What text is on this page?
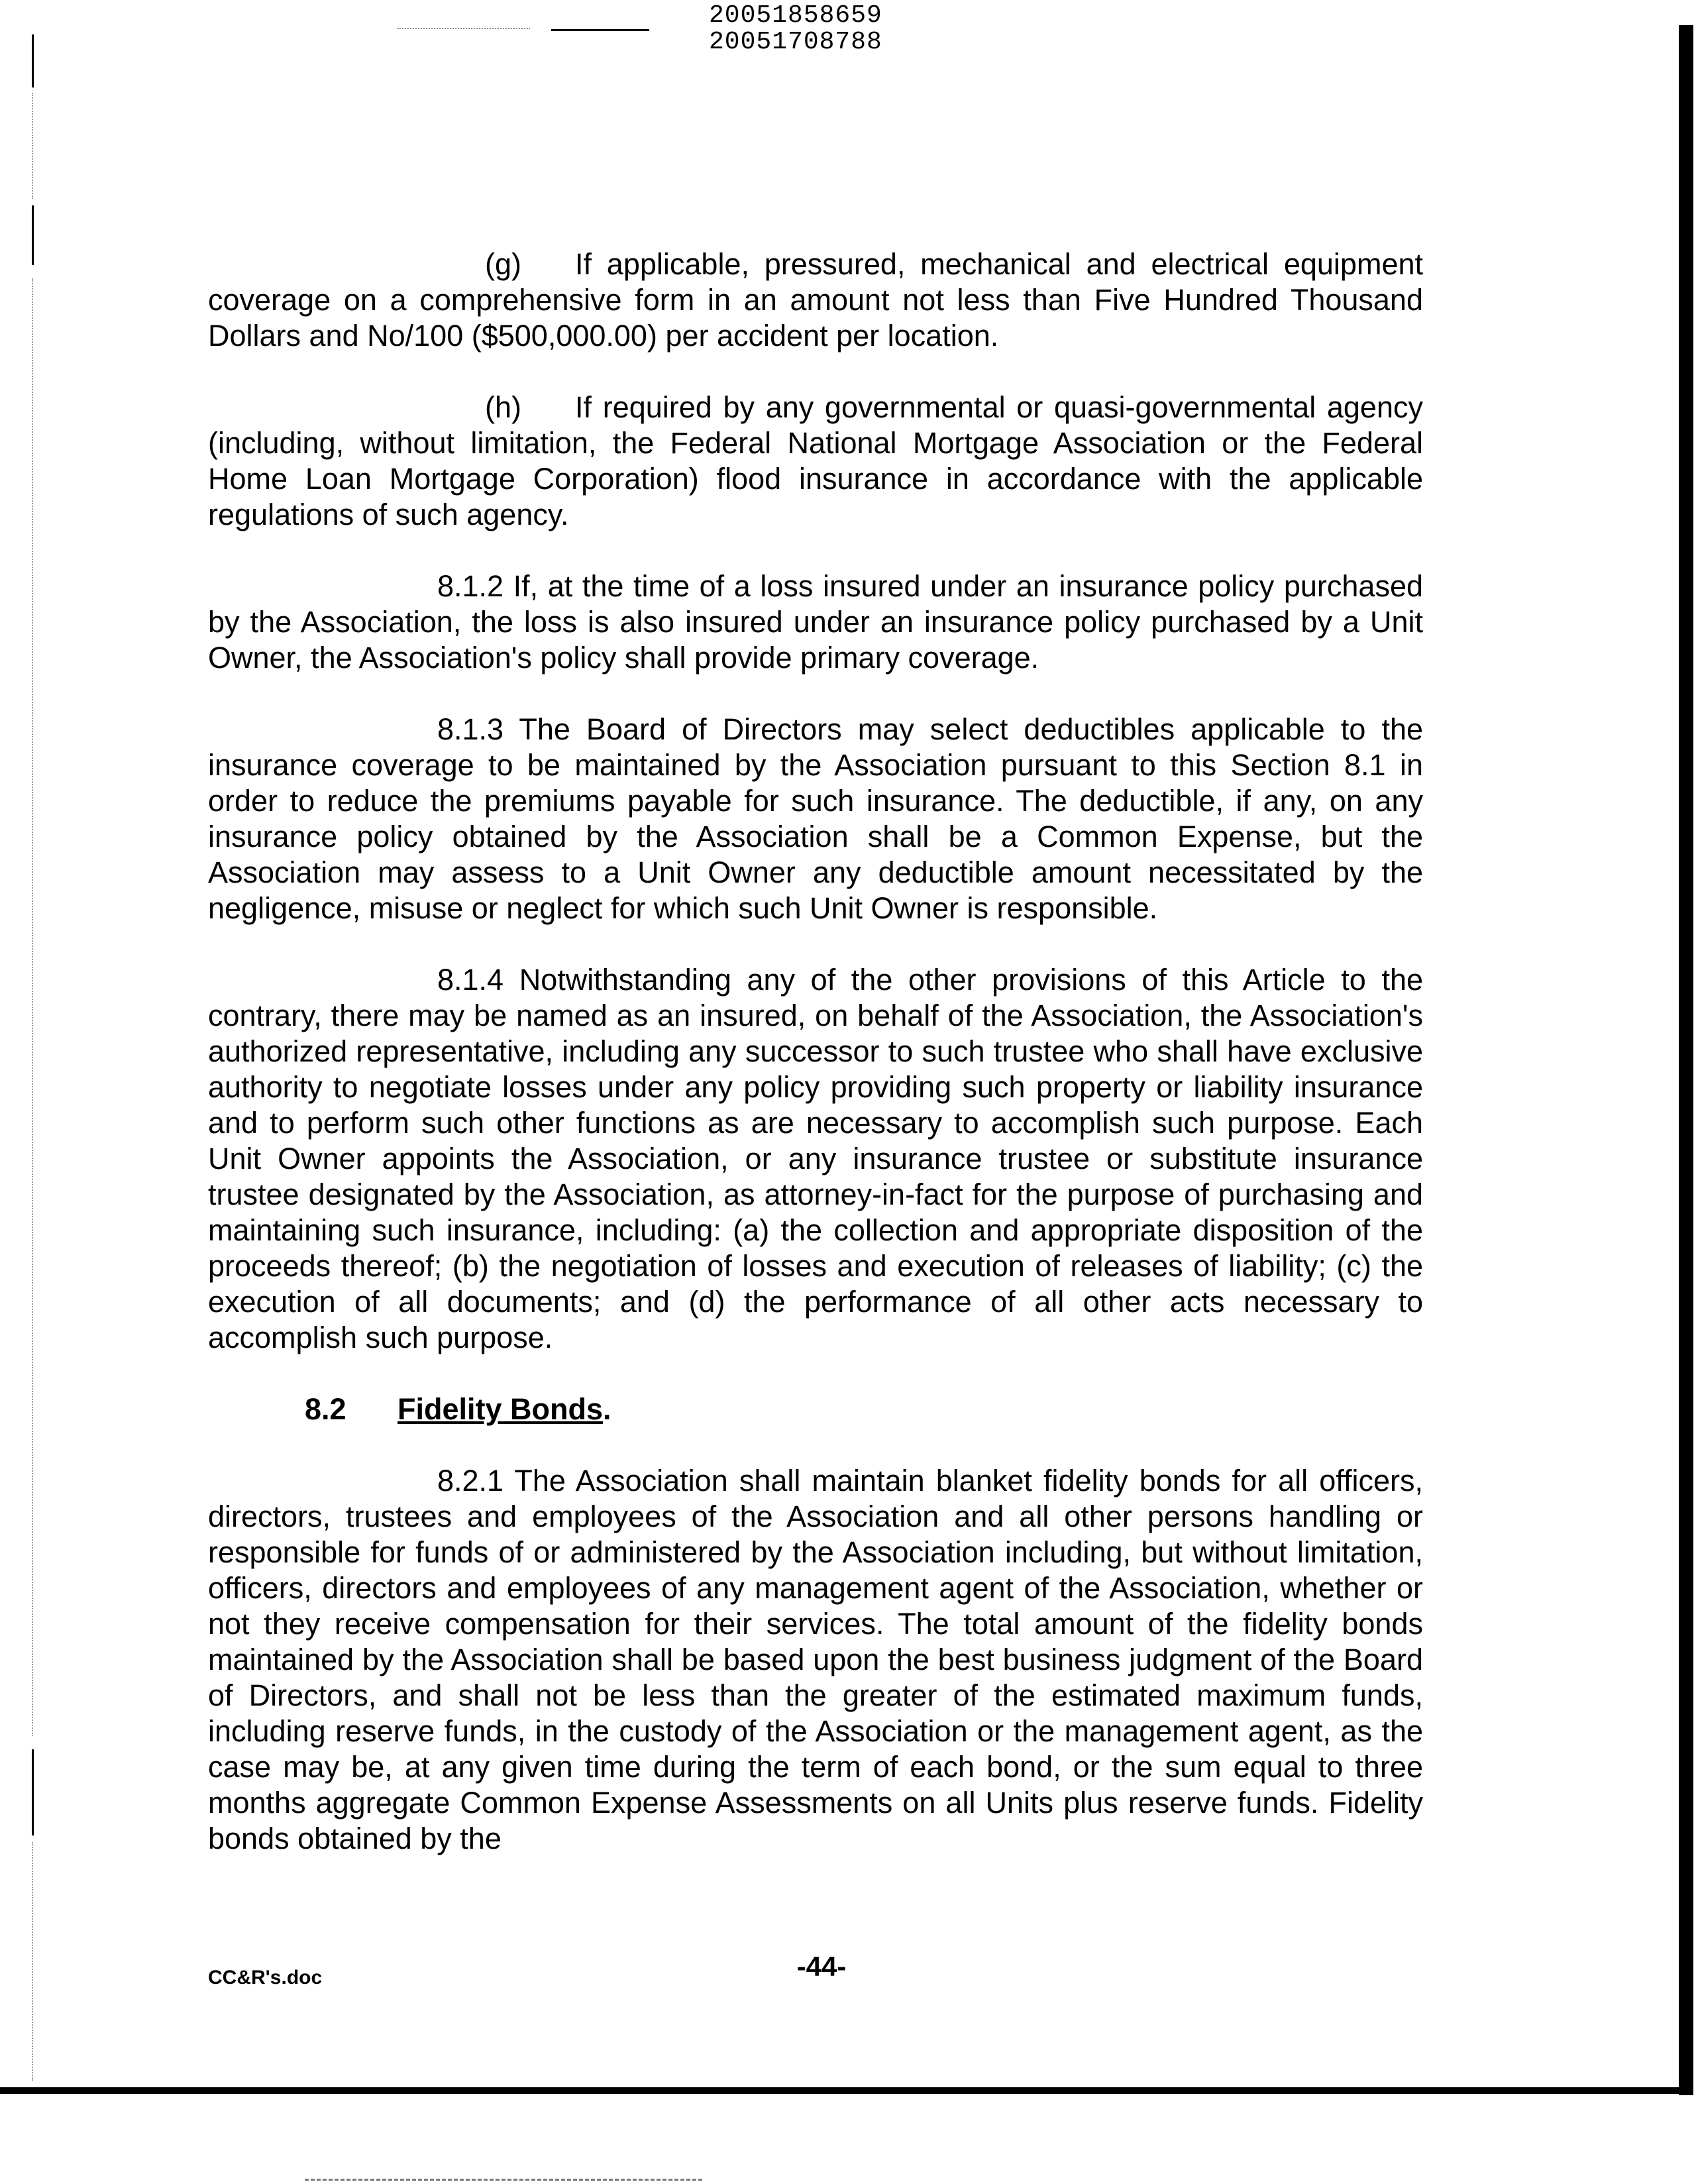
20051858659
20051708788

(g) If applicable, pressured, mechanical and electrical equipment coverage on a comprehensive form in an amount not less than Five Hundred Thousand Dollars and No/100 ($500,000.00) per accident per location.

(h) If required by any governmental or quasi-governmental agency (including, without limitation, the Federal National Mortgage Association or the Federal Home Loan Mortgage Corporation) flood insurance in accordance with the applicable regulations of such agency.

8.1.2 If, at the time of a loss insured under an insurance policy purchased by the Association, the loss is also insured under an insurance policy purchased by a Unit Owner, the Association's policy shall provide primary coverage.

8.1.3 The Board of Directors may select deductibles applicable to the insurance coverage to be maintained by the Association pursuant to this Section 8.1 in order to reduce the premiums payable for such insurance. The deductible, if any, on any insurance policy obtained by the Association shall be a Common Expense, but the Association may assess to a Unit Owner any deductible amount necessitated by the negligence, misuse or neglect for which such Unit Owner is responsible.

8.1.4 Notwithstanding any of the other provisions of this Article to the contrary, there may be named as an insured, on behalf of the Association, the Association's authorized representative, including any successor to such trustee who shall have exclusive authority to negotiate losses under any policy providing such property or liability insurance and to perform such other functions as are necessary to accomplish such purpose. Each Unit Owner appoints the Association, or any insurance trustee or substitute insurance trustee designated by the Association, as attorney-in-fact for the purpose of purchasing and maintaining such insurance, including: (a) the collection and appropriate disposition of the proceeds thereof; (b) the negotiation of losses and execution of releases of liability; (c) the execution of all documents; and (d) the performance of all other acts necessary to accomplish such purpose.

8.2 Fidelity Bonds.

8.2.1 The Association shall maintain blanket fidelity bonds for all officers, directors, trustees and employees of the Association and all other persons handling or responsible for funds of or administered by the Association including, but without limitation, officers, directors and employees of any management agent of the Association, whether or not they receive compensation for their services. The total amount of the fidelity bonds maintained by the Association shall be based upon the best business judgment of the Board of Directors, and shall not be less than the greater of the estimated maximum funds, including reserve funds, in the custody of the Association or the management agent, as the case may be, at any given time during the term of each bond, or the sum equal to three months aggregate Common Expense Assessments on all Units plus reserve funds. Fidelity bonds obtained by the

CC&R's.doc	-44-
